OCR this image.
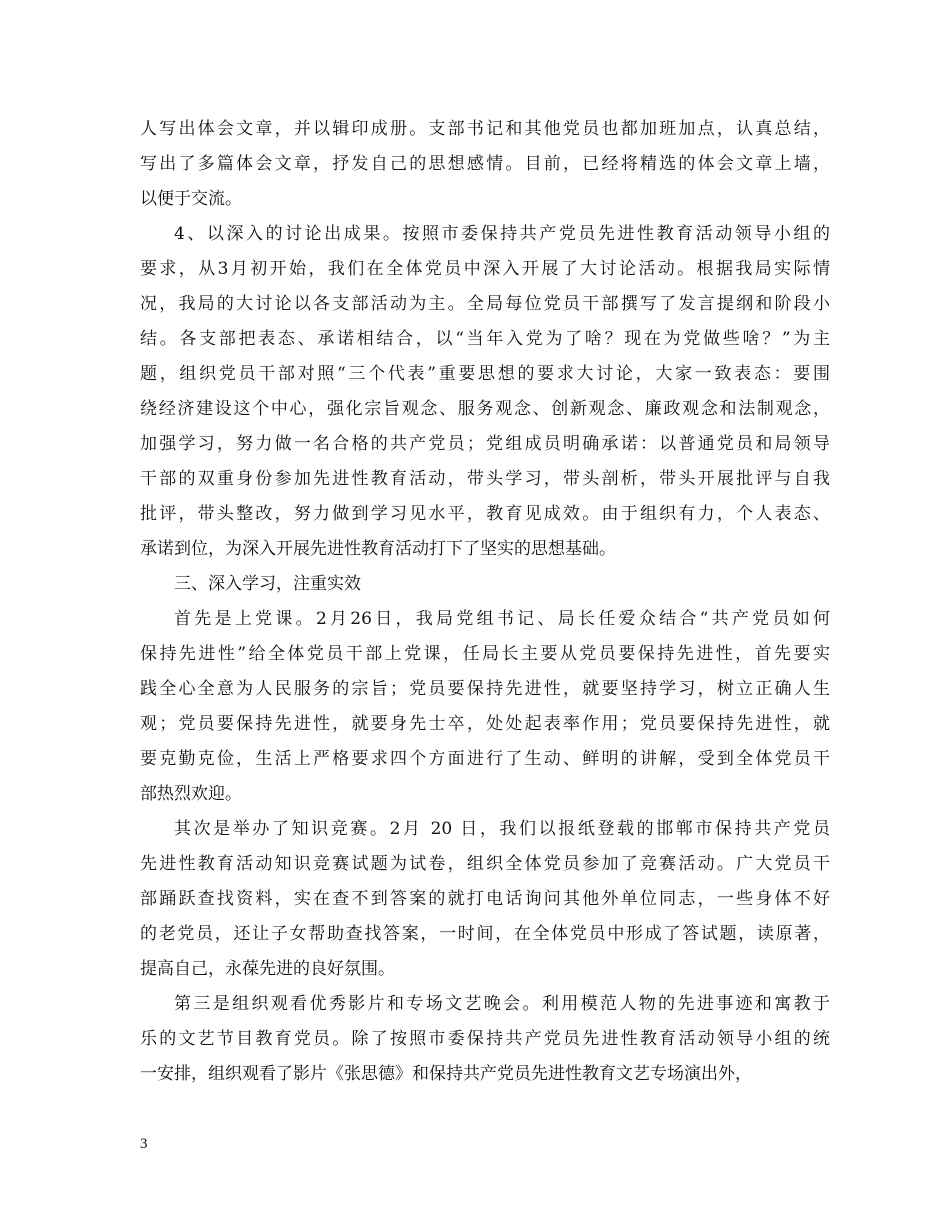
人写出体会文章，并以辑印成册。支部书记和其他党员也都加班加点，认真总结，
写出了多篇体会文章，抒发自己的思想感情。目前，已经将精选的体会文章上墙，
以便于交流。
4、以深入的讨论出成果。按照市委保持共产党员先进性教育活动领导小组的
要求，从3月初开始，我们在全体党员中深入开展了大讨论活动。根据我局实际情
况，我局的大讨论以各支部活动为主。全局每位党员干部撰写了发言提纲和阶段小
结。各支部把表态、承诺相结合，以“当年入党为了啥？现在为党做些啥？”为主
题，组织党员干部对照“三个代表”重要思想的要求大讨论，大家一致表态：要围
绕经济建设这个中心，强化宗旨观念、服务观念、创新观念、廉政观念和法制观念，
加强学习，努力做一名合格的共产党员；党组成员明确承诺：以普通党员和局领导
干部的双重身份参加先进性教育活动，带头学习，带头剖析，带头开展批评与自我
批评，带头整改，努力做到学习见水平，教育见成效。由于组织有力，个人表态、
承诺到位，为深入开展先进性教育活动打下了坚实的思想基础。
三、深入学习，注重实效
首先是上党课。2月26日，我局党组书记、局长任爱众结合“共产党员如何
保持先进性”给全体党员干部上党课，任局长主要从党员要保持先进性，首先要实
践全心全意为人民服务的宗旨；党员要保持先进性，就要坚持学习，树立正确人生
观；党员要保持先进性，就要身先士卒，处处起表率作用；党员要保持先进性，就
要克勤克俭，生活上严格要求四个方面进行了生动、鲜明的讲解，受到全体党员干
部热烈欢迎。
其次是举办了知识竞赛。2月 20 日，我们以报纸登载的邯郸市保持共产党员
先进性教育活动知识竞赛试题为试卷，组织全体党员参加了竞赛活动。广大党员干
部踊跃查找资料，实在查不到答案的就打电话询问其他外单位同志，一些身体不好
的老党员，还让子女帮助查找答案，一时间，在全体党员中形成了答试题，读原著，
提高自己，永葆先进的良好氛围。
第三是组织观看优秀影片和专场文艺晚会。利用模范人物的先进事迹和寓教于
乐的文艺节目教育党员。除了按照市委保持共产党员先进性教育活动领导小组的统
一安排，组织观看了影片《张思德》和保持共产党员先进性教育文艺专场演出外，
3
